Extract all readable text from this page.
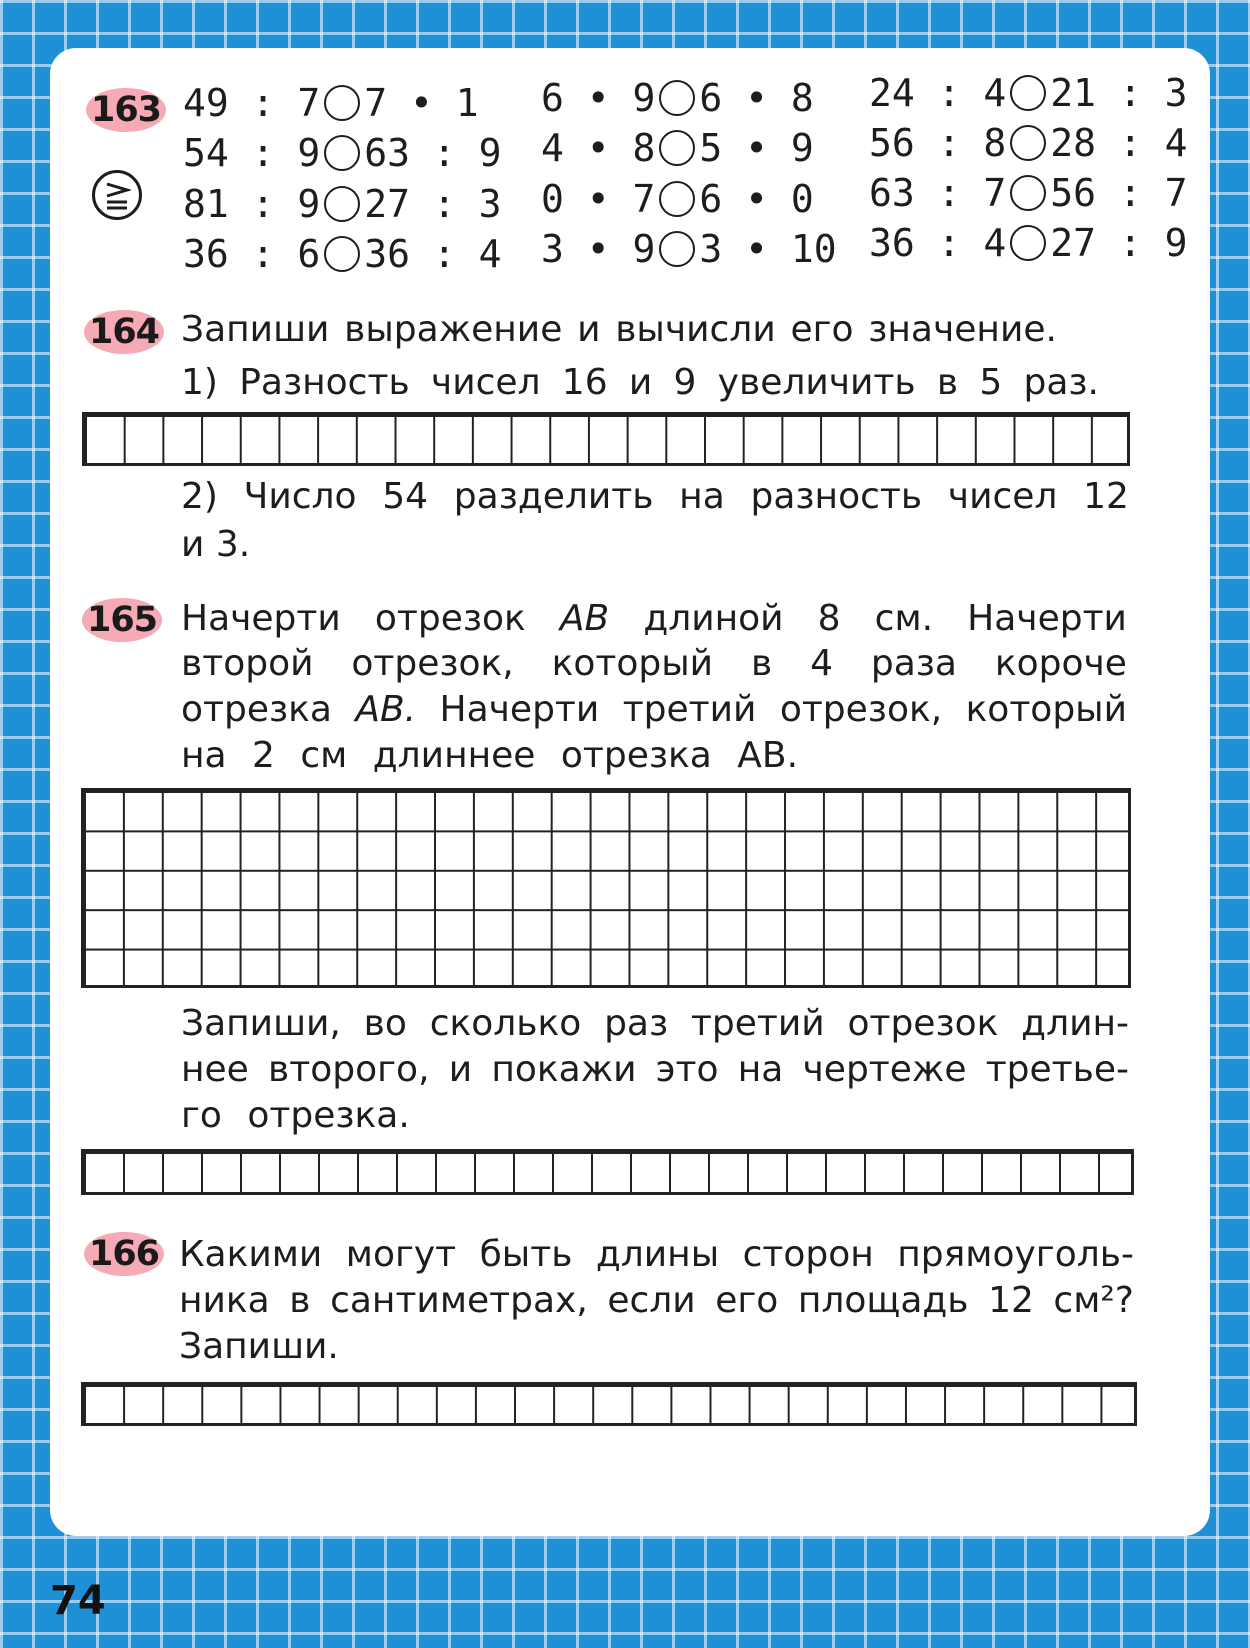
163 49 : 7 7 • 1
54 : 9 63 : 9
81 : 9 27 : 3
36 : 6 36 : 4
6 • 9 6 • 8
4 • 8 5 • 9
0 • 7 6 • 0
3 • 9 3 • 10
24 : 4 21 : 3
56 : 8 28 : 4
63 : 7 56 : 7
36 : 4 27 : 9
164 Запиши выражение и вычисли его значение.
1) Разность чисел 16 и 9 увеличить в 5 раз.
2) Число 54 разделить на разность чисел 12
и 3.
165 Начерти отрезок AB длиной 8 см. Начерти
второй отрезок, который в 4 раза короче
отрезка AB. Начерти третий отрезок, который
на 2 см длиннее отрезка AB.
Запиши, во сколько раз третий отрезок длин-
нее второго, и покажи это на чертеже третье-
го отрезка.
166 Какими могут быть длины сторон прямоуголь-
ника в сантиметрах, если его площадь 12 см²?
Запиши.
74
